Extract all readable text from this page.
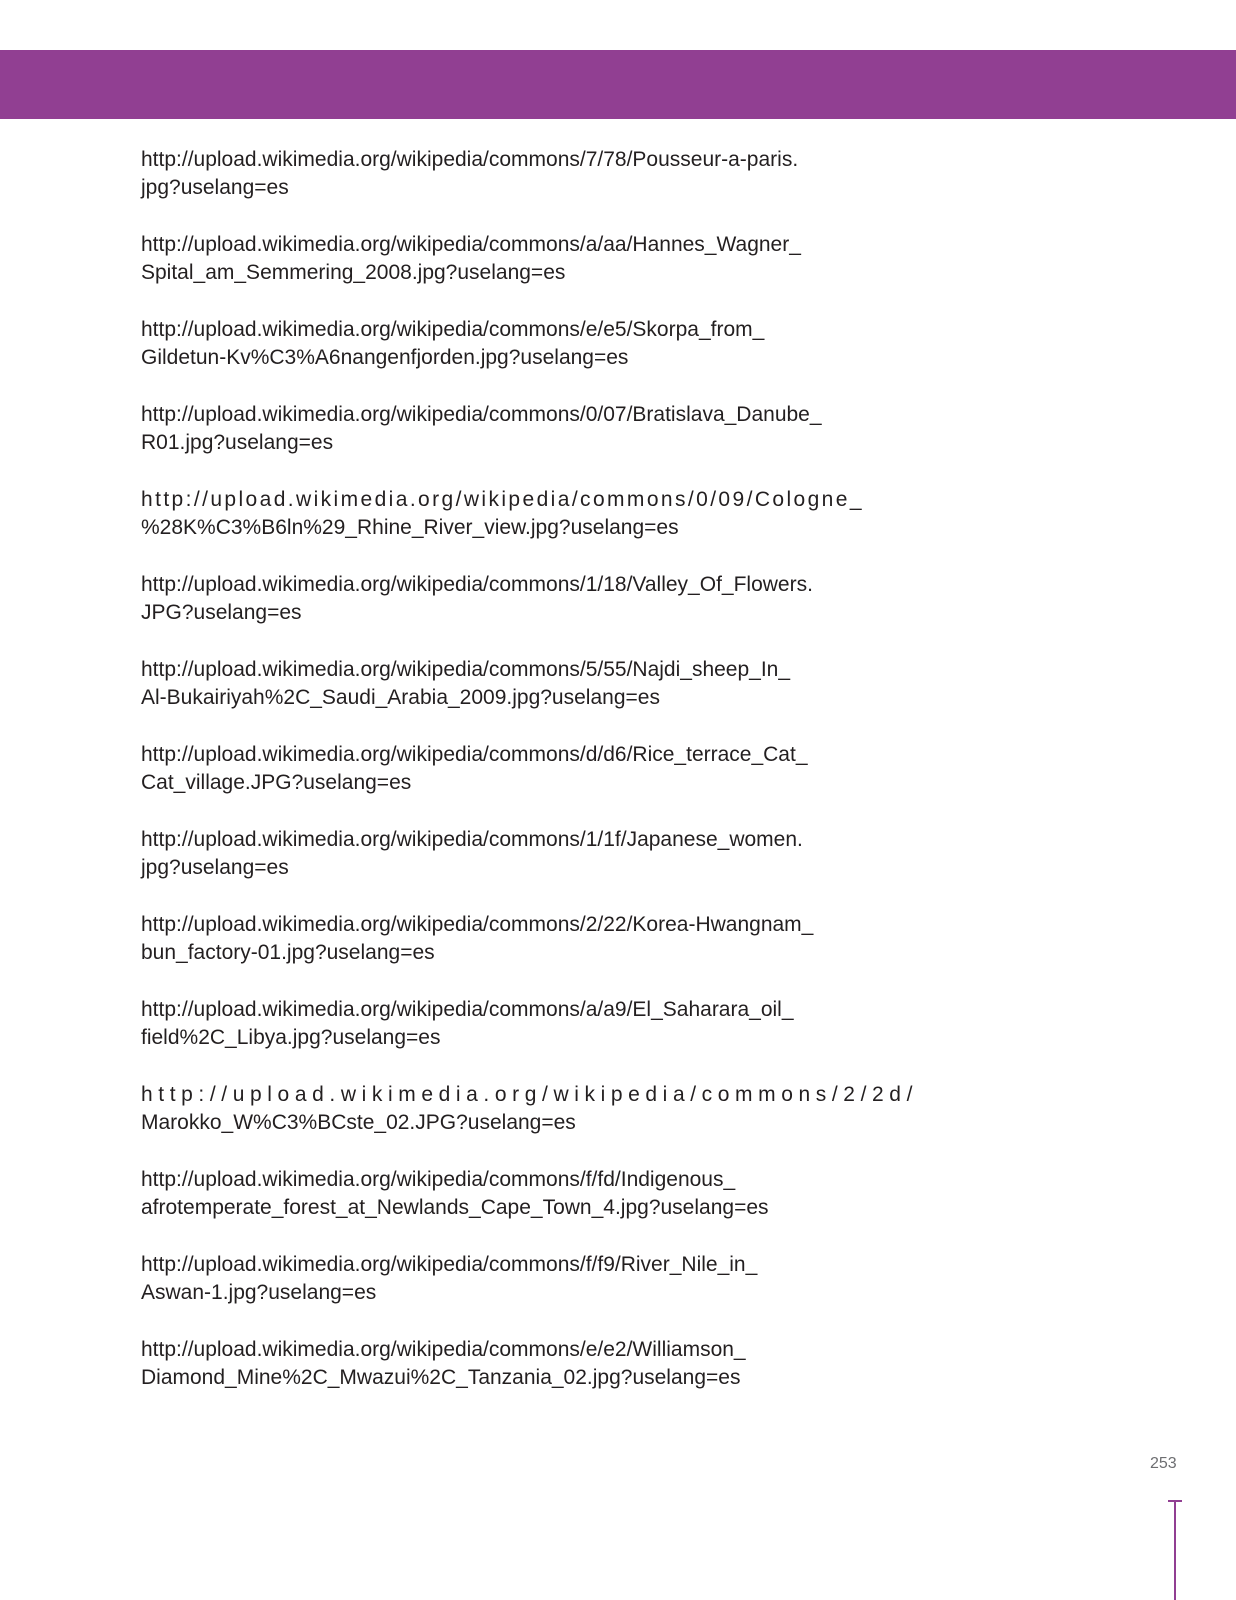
http://upload.wikimedia.org/wikipedia/commons/7/78/Pousseur-a-paris.
jpg?uselang=es
http://upload.wikimedia.org/wikipedia/commons/a/aa/Hannes_Wagner_
Spital_am_Semmering_2008.jpg?uselang=es
http://upload.wikimedia.org/wikipedia/commons/e/e5/Skorpa_from_
Gildetun-Kv%C3%A6nangenfjorden.jpg?uselang=es
http://upload.wikimedia.org/wikipedia/commons/0/07/Bratislava_Danube_
R01.jpg?uselang=es
http://upload.wikimedia.org/wikipedia/commons/0/09/Cologne_
%28K%C3%B6ln%29_Rhine_River_view.jpg?uselang=es
http://upload.wikimedia.org/wikipedia/commons/1/18/Valley_Of_Flowers.
JPG?uselang=es
http://upload.wikimedia.org/wikipedia/commons/5/55/Najdi_sheep_In_
Al-Bukairiyah%2C_Saudi_Arabia_2009.jpg?uselang=es
http://upload.wikimedia.org/wikipedia/commons/d/d6/Rice_terrace_Cat_
Cat_village.JPG?uselang=es
http://upload.wikimedia.org/wikipedia/commons/1/1f/Japanese_women.
jpg?uselang=es
http://upload.wikimedia.org/wikipedia/commons/2/22/Korea-Hwangnam_
bun_factory-01.jpg?uselang=es
http://upload.wikimedia.org/wikipedia/commons/a/a9/El_Saharara_oil_
field%2C_Libya.jpg?uselang=es
http://upload.wikimedia.org/wikipedia/commons/2/2d/
Marokko_W%C3%BCste_02.JPG?uselang=es
http://upload.wikimedia.org/wikipedia/commons/f/fd/Indigenous_
afrotemperate_forest_at_Newlands_Cape_Town_4.jpg?uselang=es
http://upload.wikimedia.org/wikipedia/commons/f/f9/River_Nile_in_
Aswan-1.jpg?uselang=es
http://upload.wikimedia.org/wikipedia/commons/e/e2/Williamson_
Diamond_Mine%2C_Mwazui%2C_Tanzania_02.jpg?uselang=es
253
